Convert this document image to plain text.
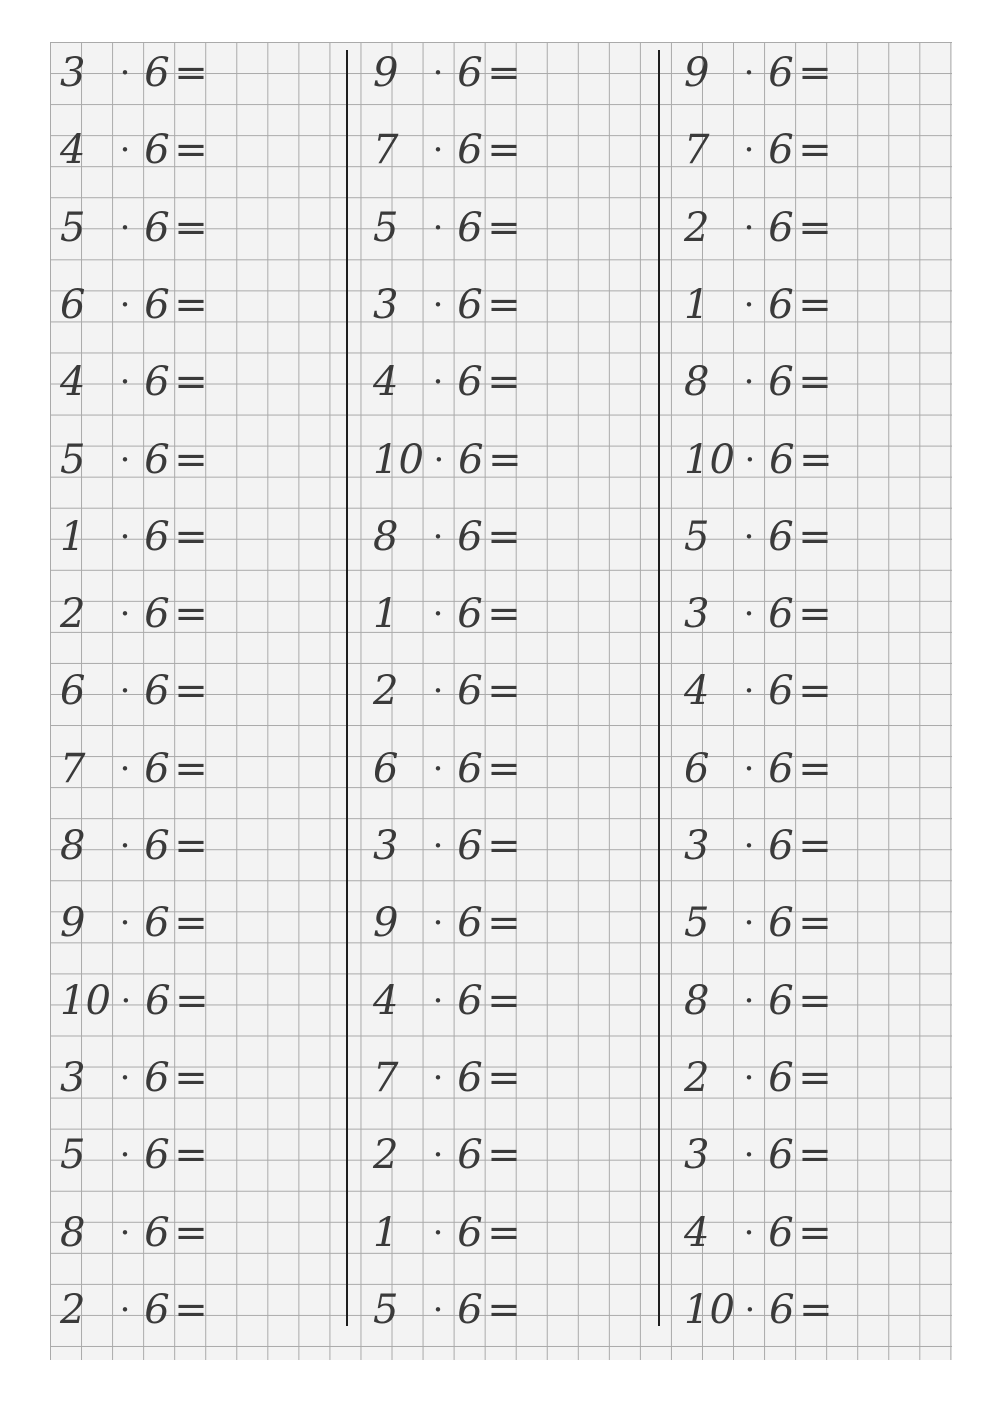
3	· 6 =
4	· 6 =
5	· 6 =
6	· 6 =
4	· 6 =
5	· 6 =
1	· 6 =
2	· 6 =
6	· 6 =
7	· 6 =
8	· 6 =
9	· 6 =
10 · 6 =
3	· 6 =
5	· 6 =
8	· 6 =
2	· 6 =
9	· 6 =
7	· 6 =
5	· 6 =
3	· 6 =
4	· 6 =
10 · 6 =
8	· 6 =
1	· 6 =
2	· 6 =
6	· 6 =
3	· 6 =
9	· 6 =
4	· 6 =
7	· 6 =
2	· 6 =
1	· 6 =
5	· 6 =
9	· 6 =
7	· 6 =
2	· 6 =
1	· 6 =
8	· 6 =
10 · 6 =
5	· 6 =
3	· 6 =
4	· 6 =
6	· 6 =
3	· 6 =
5	· 6 =
8	· 6 =
2	· 6 =
3	· 6 =
4	· 6 =
10 · 6 =
